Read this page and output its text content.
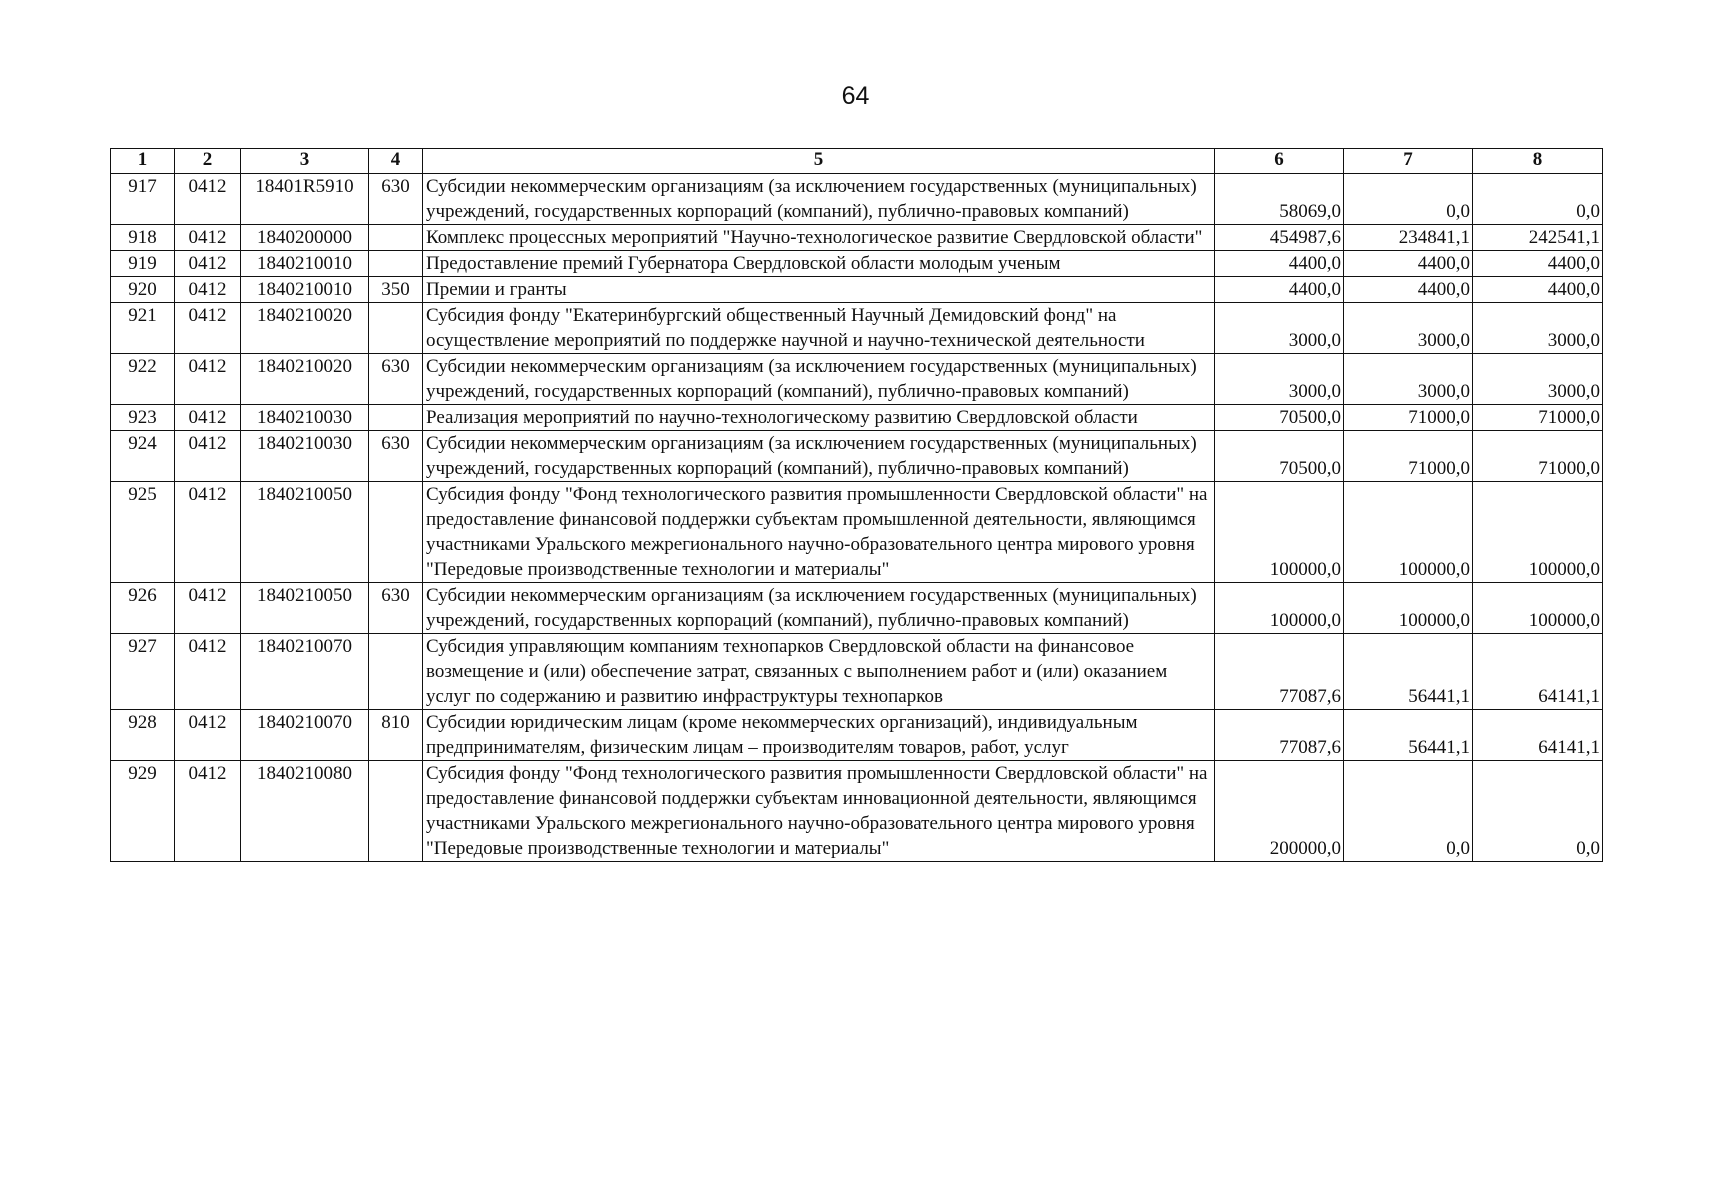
64
1	2	3	4	5	6	7	8
917	0412	18401R5910	630	Субсидии некоммерческим организациям (за исключением государственных (муниципальных) учреждений, государственных корпораций (компаний), публично-правовых компаний)	58069,0	0,0	0,0
918	0412	1840200000		Комплекс процессных мероприятий "Научно-технологическое развитие Свердловской области"	454987,6	234841,1	242541,1
919	0412	1840210010		Предоставление премий Губернатора Свердловской области молодым ученым	4400,0	4400,0	4400,0
920	0412	1840210010	350	Премии и гранты	4400,0	4400,0	4400,0
921	0412	1840210020		Субсидия фонду "Екатеринбургский общественный Научный Демидовский фонд" на осуществление мероприятий по поддержке научной и научно-технической деятельности	3000,0	3000,0	3000,0
922	0412	1840210020	630	Субсидии некоммерческим организациям (за исключением государственных (муниципальных) учреждений, государственных корпораций (компаний), публично-правовых компаний)	3000,0	3000,0	3000,0
923	0412	1840210030		Реализация мероприятий по научно-технологическому развитию Свердловской области	70500,0	71000,0	71000,0
924	0412	1840210030	630	Субсидии некоммерческим организациям (за исключением государственных (муниципальных) учреждений, государственных корпораций (компаний), публично-правовых компаний)	70500,0	71000,0	71000,0
925	0412	1840210050		Субсидия фонду "Фонд технологического развития промышленности Свердловской области" на предоставление финансовой поддержки субъектам промышленной деятельности, являющимся участниками Уральского межрегионального научно-образовательного центра мирового уровня "Передовые производственные технологии и материалы"	100000,0	100000,0	100000,0
926	0412	1840210050	630	Субсидии некоммерческим организациям (за исключением государственных (муниципальных) учреждений, государственных корпораций (компаний), публично-правовых компаний)	100000,0	100000,0	100000,0
927	0412	1840210070		Субсидия управляющим компаниям технопарков Свердловской области на финансовое возмещение и (или) обеспечение затрат, связанных с выполнением работ и (или) оказанием услуг по содержанию и развитию инфраструктуры технопарков	77087,6	56441,1	64141,1
928	0412	1840210070	810	Субсидии юридическим лицам (кроме некоммерческих организаций), индивидуальным предпринимателям, физическим лицам – производителям товаров, работ, услуг	77087,6	56441,1	64141,1
929	0412	1840210080		Субсидия фонду "Фонд технологического развития промышленности Свердловской области" на предоставление финансовой поддержки субъектам инновационной деятельности, являющимся участниками Уральского межрегионального научно-образовательного центра мирового уровня "Передовые производственные технологии и материалы"	200000,0	0,0	0,0
